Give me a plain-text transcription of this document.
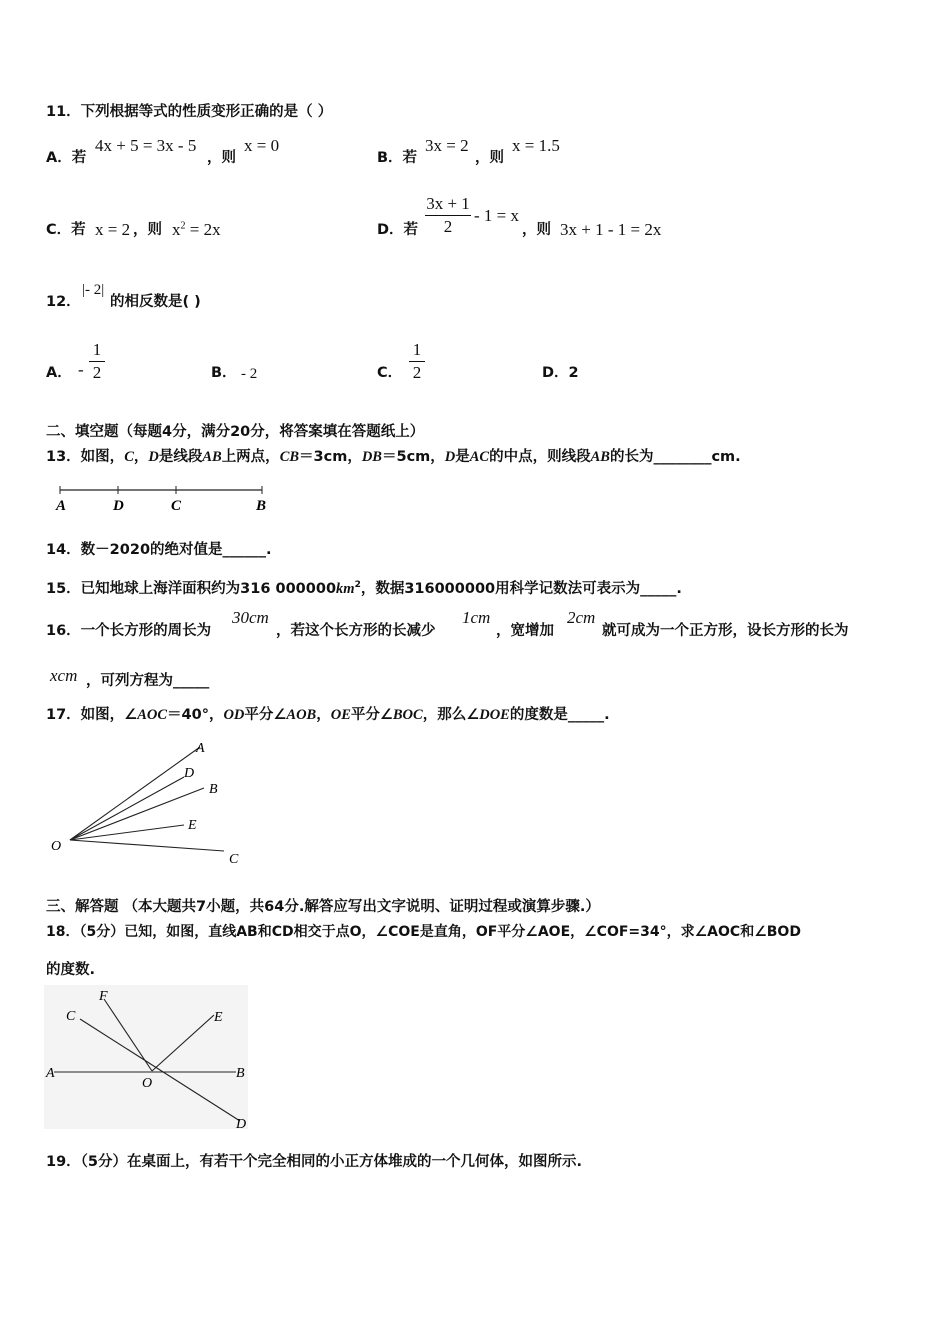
11．下列根据等式的性质变形正确的是（ ）
A．若
4x + 5 = 3x - 5
，则
x = 0
B．若
3x = 2
，则
x = 1.5
C．若 x = 2 ，则 $x^2 = 2x$	D．若
3x + 1
2
- 1 = x
，则 3x + 1 - 1 = 2x
12．
|- 2|
的相反数是( )
A． -
1
2	B． - 2	C．
1
2	D．2
二、填空题（每题4分，满分20分，将答案填在答题纸上）
13．如图，C，D是线段AB上两点，CB＝3cm，DB＝5cm，D是AC的中点，则线段AB的长为________cm.
A	D	C	B
14．数－2020的绝对值是______.
15．已知地球上海洋面积约为316 $000000km^2$，数据316000000用科学记数法可表示为_____.
16．一个长方形的周长为
30cm
，若这个长方形的长减少
1cm
，宽增加
2cm
就可成为一个正方形，设长方形的长为
xcm ，可列方程为_____
17．如图，∠AOC＝40°，OD平分∠AOB，OE平分∠BOC，那么∠DOE的度数是_____.
O
A
D
B
E
C
三、解答题 （本大题共7小题，共64分.解答应写出文字说明、证明过程或演算步骤.）
18．（5分）已知，如图，直线AB和CD相交于点O，∠COE是直角，OF平分∠AOE，∠COF=34°，求∠AOC和∠BOD
的度数.
C
F
E
A
O
B
D
19．（5分）在桌面上，有若干个完全相同的小正方体堆成的一个几何体，如图所示.
